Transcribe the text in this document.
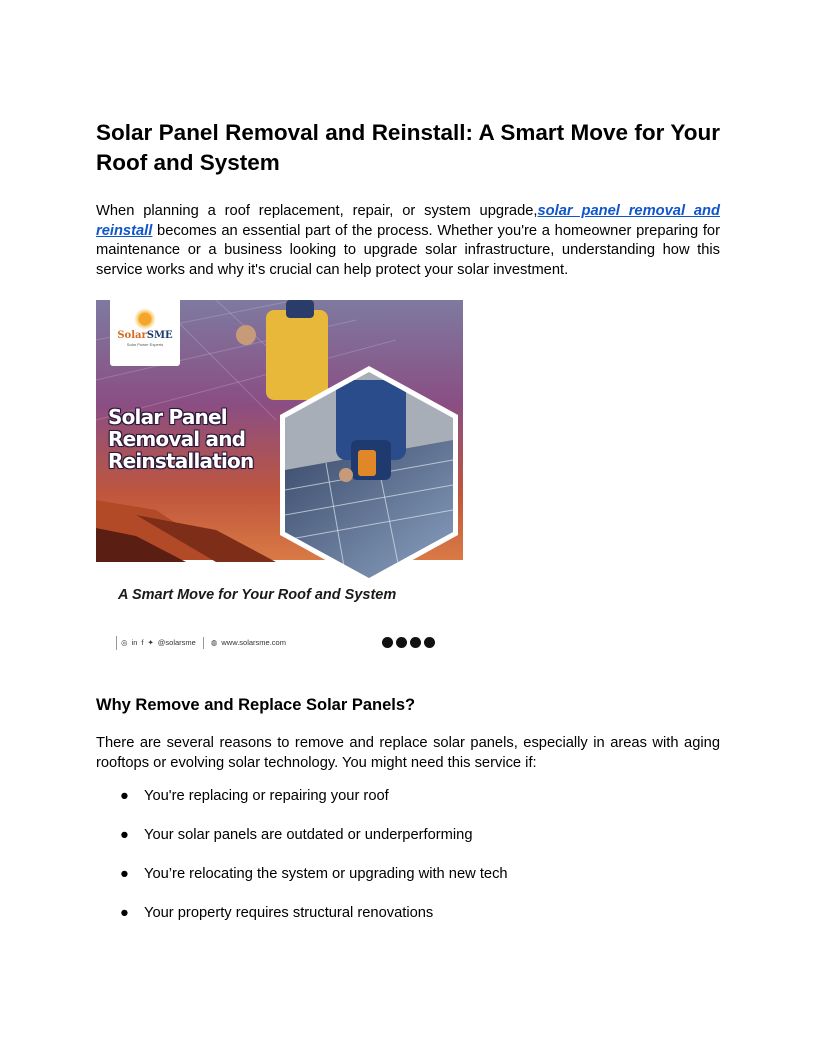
Solar Panel Removal and Reinstall: A Smart Move for Your Roof and System

When planning a roof replacement, repair, or system upgrade,solar panel removal and reinstall becomes an essential part of the process. Whether you're a homeowner preparing for maintenance or a business looking to upgrade solar infrastructure, understanding how this service works and why it's crucial can help protect your solar investment.

SolarSME
Solar Power Experts
Solar Panel
Removal and
Reinstallation
A Smart Move for Your Roof and System
◎ in f ✦ @solarsme ◍ www.solarsme.com
Why Remove and Replace Solar Panels?

There are several reasons to remove and replace solar panels, especially in areas with aging rooftops or evolving solar technology. You might need this service if:

● You're replacing or repairing your roof
● Your solar panels are outdated or underperforming
● You’re relocating the system or upgrading with new tech
● Your property requires structural renovations
